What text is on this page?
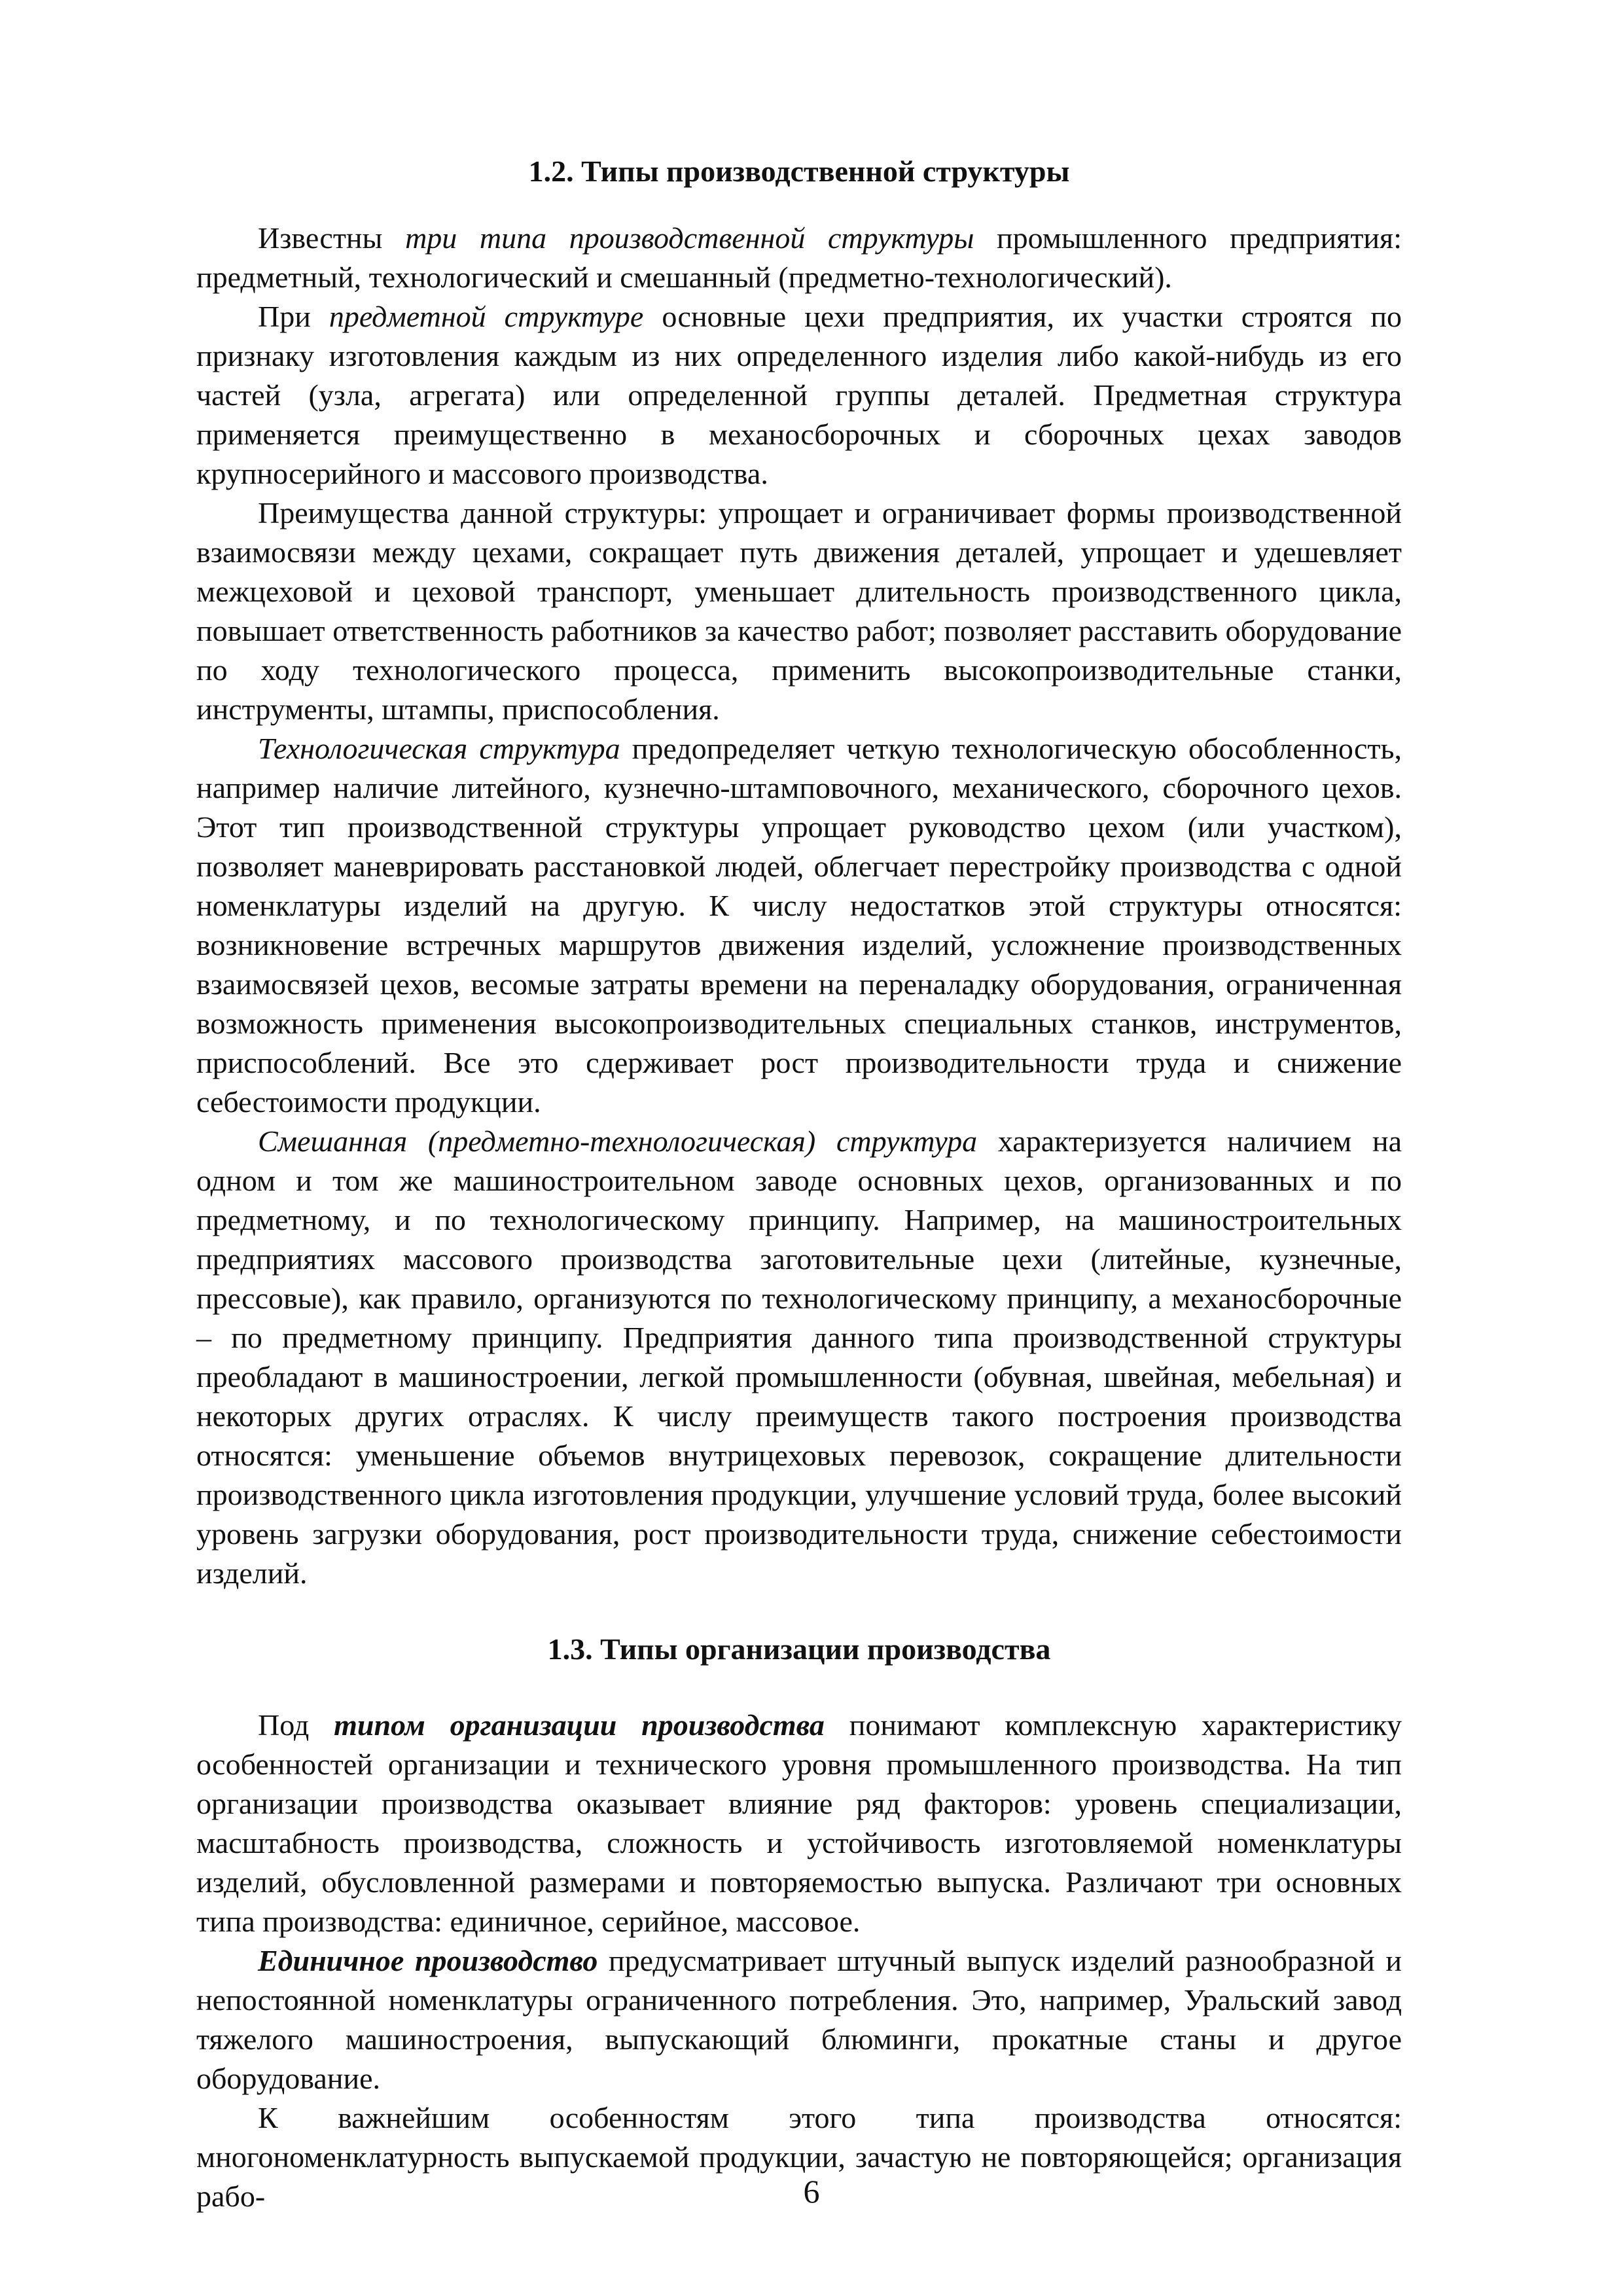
1.2. Типы производственной структуры

Известны три типа производственной структуры промышленного предприятия: предметный, технологический и смешанный (предметно-технологический).

При предметной структуре основные цехи предприятия, их участки строятся по признаку изготовления каждым из них определенного изделия либо какой-нибудь из его частей (узла, агрегата) или определенной группы деталей. Предметная структура применяется преимущественно в механосборочных и сборочных цехах заводов крупносерийного и массового производства.

Преимущества данной структуры: упрощает и ограничивает формы производственной взаимосвязи между цехами, сокращает путь движения деталей, упрощает и удешевляет межцеховой и цеховой транспорт, уменьшает длительность производственного цикла, повышает ответственность работников за качество работ; позволяет расставить оборудование по ходу технологического процесса, применить высокопроизводительные станки, инструменты, штампы, приспособления.

Технологическая структура предопределяет четкую технологическую обособленность, например наличие литейного, кузнечно-штамповочного, механического, сборочного цехов. Этот тип производственной структуры упрощает руководство цехом (или участком), позволяет маневрировать расстановкой людей, облегчает перестройку производства с одной номенклатуры изделий на другую. К числу недостатков этой структуры относятся: возникновение встречных маршрутов движения изделий, усложнение производственных взаимосвязей цехов, весомые затраты времени на переналадку оборудования, ограниченная возможность применения высокопроизводительных специальных станков, инструментов, приспособлений. Все это сдерживает рост производительности труда и снижение себестоимости продукции.

Смешанная (предметно-технологическая) структура характеризуется наличием на одном и том же машиностроительном заводе основных цехов, организованных и по предметному, и по технологическому принципу. Например, на машиностроительных предприятиях массового производства заготовительные цехи (литейные, кузнечные, прессовые), как правило, организуются по технологическому принципу, а механосборочные – по предметному принципу. Предприятия данного типа производственной структуры преобладают в машиностроении, легкой промышленности (обувная, швейная, мебельная) и некоторых других отраслях. К числу преимуществ такого построения производства относятся: уменьшение объемов внутрицеховых перевозок, сокращение длительности производственного цикла изготовления продукции, улучшение условий труда, более высокий уровень загрузки оборудования, рост производительности труда, снижение себестоимости изделий.

1.3. Типы организации производства

Под типом организации производства понимают комплексную характеристику особенностей организации и технического уровня промышленного производства. На тип организации производства оказывает влияние ряд факторов: уровень специализации, масштабность производства, сложность и устойчивость изготовляемой номенклатуры изделий, обусловленной размерами и повторяемостью выпуска. Различают три основных типа производства: единичное, серийное, массовое.

Единичное производство предусматривает штучный выпуск изделий разнообразной и непостоянной номенклатуры ограниченного потребления. Это, например, Уральский завод тяжелого машиностроения, выпускающий блюминги, прокатные станы и другое оборудование.

К важнейшим особенностям этого типа производства относятся: многономенклатурность выпускаемой продукции, зачастую не повторяющейся; организация рабо-	6
